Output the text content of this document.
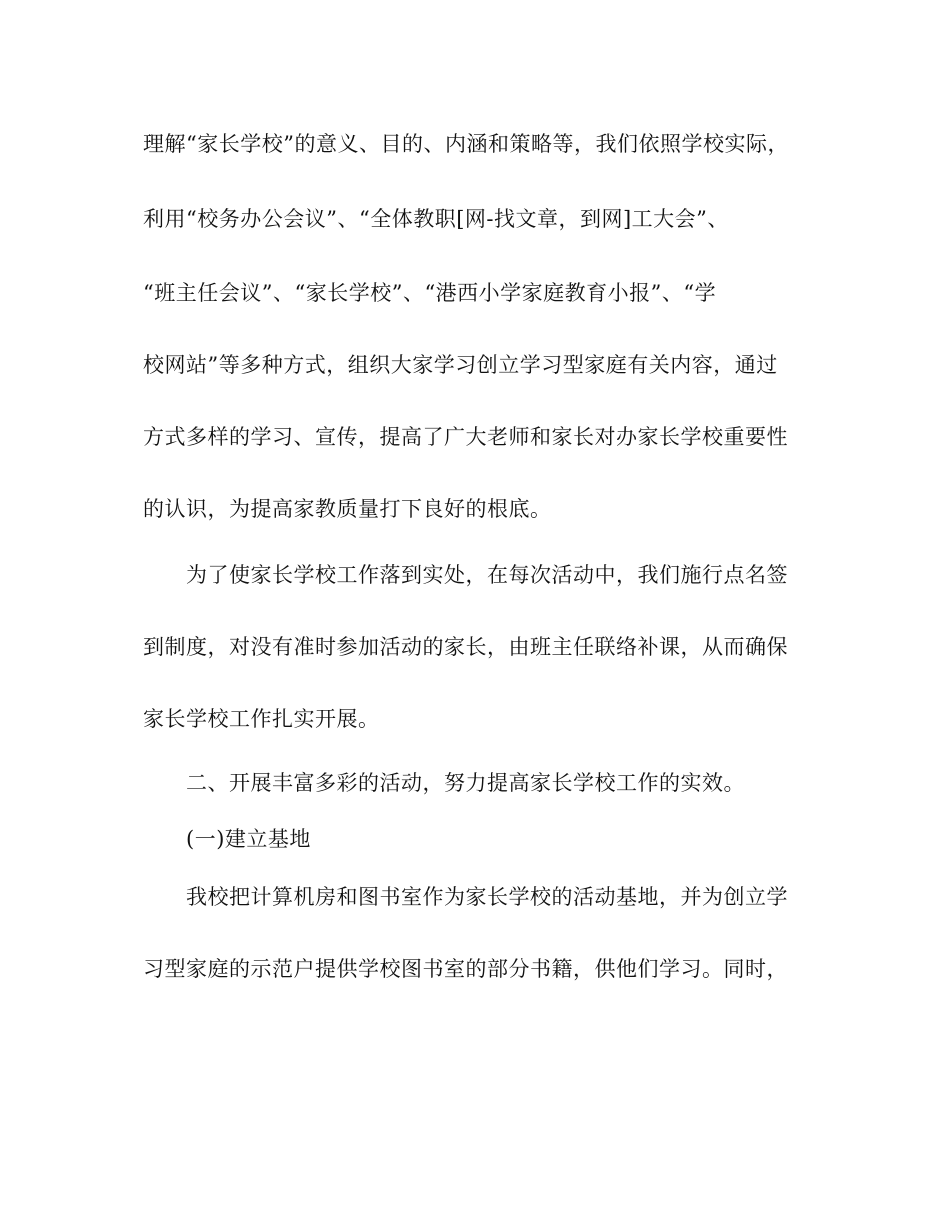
理解“家长学校”的意义、目的、内涵和策略等，我们依照学校实际，
利用“校务办公会议”、“全体教职[网-找文章，到网]工大会”、
“班主任会议”、“家长学校”、“港西小学家庭教育小报”、“学
校网站”等多种方式，组织大家学习创立学习型家庭有关内容，通过
方式多样的学习、宣传，提高了广大老师和家长对办家长学校重要性
的认识，为提高家教质量打下良好的根底。
为了使家长学校工作落到实处，在每次活动中，我们施行点名签
到制度，对没有准时参加活动的家长，由班主任联络补课，从而确保
家长学校工作扎实开展。
二、开展丰富多彩的活动，努力提高家长学校工作的实效。
(一)建立基地
我校把计算机房和图书室作为家长学校的活动基地，并为创立学
习型家庭的示范户提供学校图书室的部分书籍，供他们学习。同时，
